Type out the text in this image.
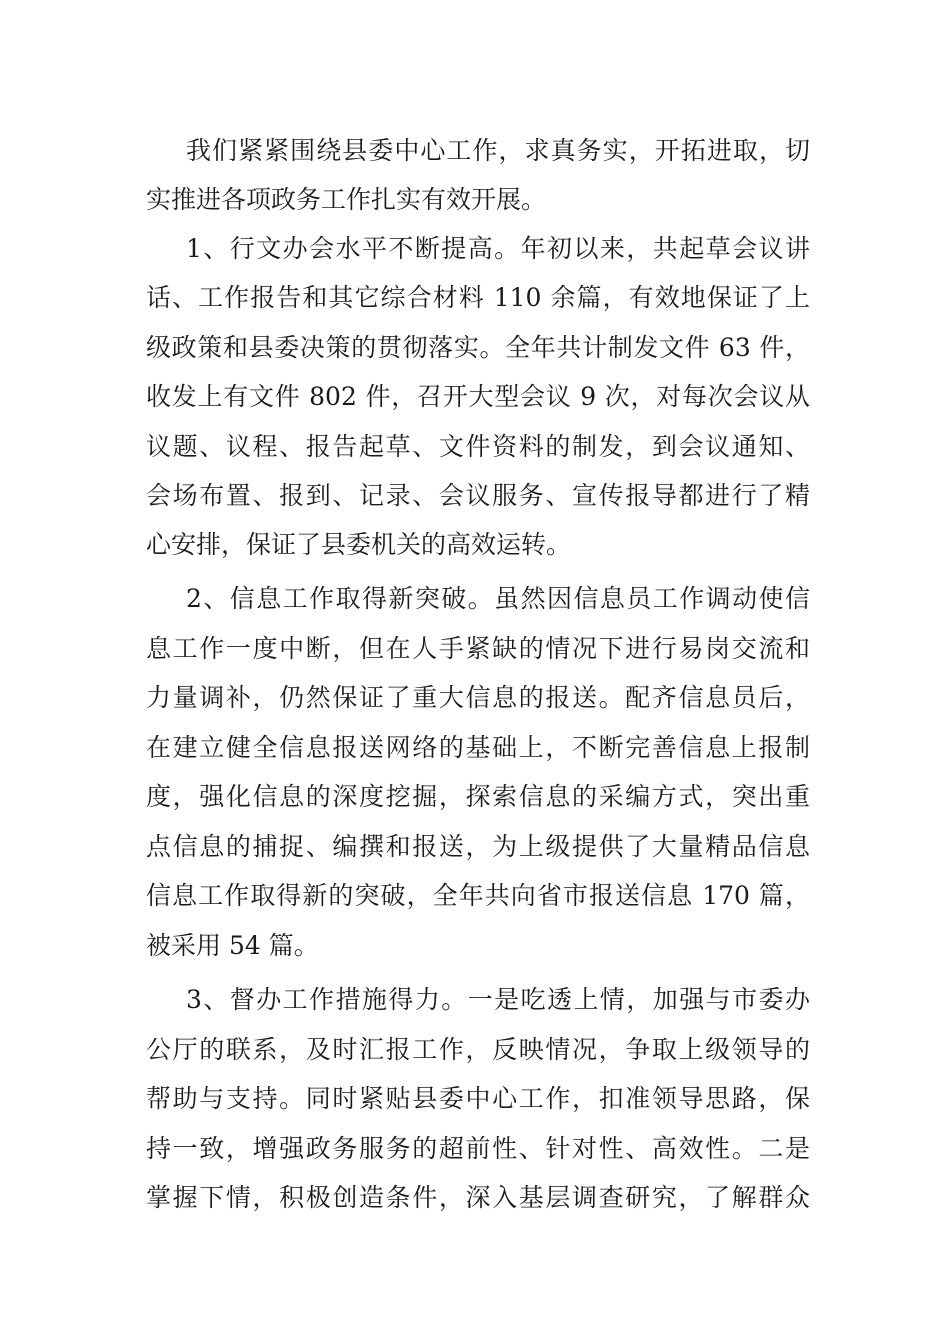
我们紧紧围绕县委中心工作，求真务实，开拓进取，切
实推进各项政务工作扎实有效开展。
1、行文办会水平不断提高。年初以来，共起草会议讲
话、工作报告和其它综合材料 110 余篇，有效地保证了上
级政策和县委决策的贯彻落实。全年共计制发文件 63 件，
收发上有文件 802 件，召开大型会议 9 次，对每次会议从
议题、议程、报告起草、文件资料的制发，到会议通知、
会场布置、报到、记录、会议服务、宣传报导都进行了精
心安排，保证了县委机关的高效运转。
2、信息工作取得新突破。虽然因信息员工作调动使信
息工作一度中断，但在人手紧缺的情况下进行易岗交流和
力量调补，仍然保证了重大信息的报送。配齐信息员后，
在建立健全信息报送网络的基础上，不断完善信息上报制
度，强化信息的深度挖掘，探索信息的采编方式，突出重
点信息的捕捉、编撰和报送，为上级提供了大量精品信息
信息工作取得新的突破，全年共向省市报送信息 170 篇，
被采用 54 篇。
3、督办工作措施得力。一是吃透上情，加强与市委办
公厅的联系，及时汇报工作，反映情况，争取上级领导的
帮助与支持。同时紧贴县委中心工作，扣准领导思路，保
持一致，增强政务服务的超前性、针对性、高效性。二是
掌握下情，积极创造条件，深入基层调查研究，了解群众
